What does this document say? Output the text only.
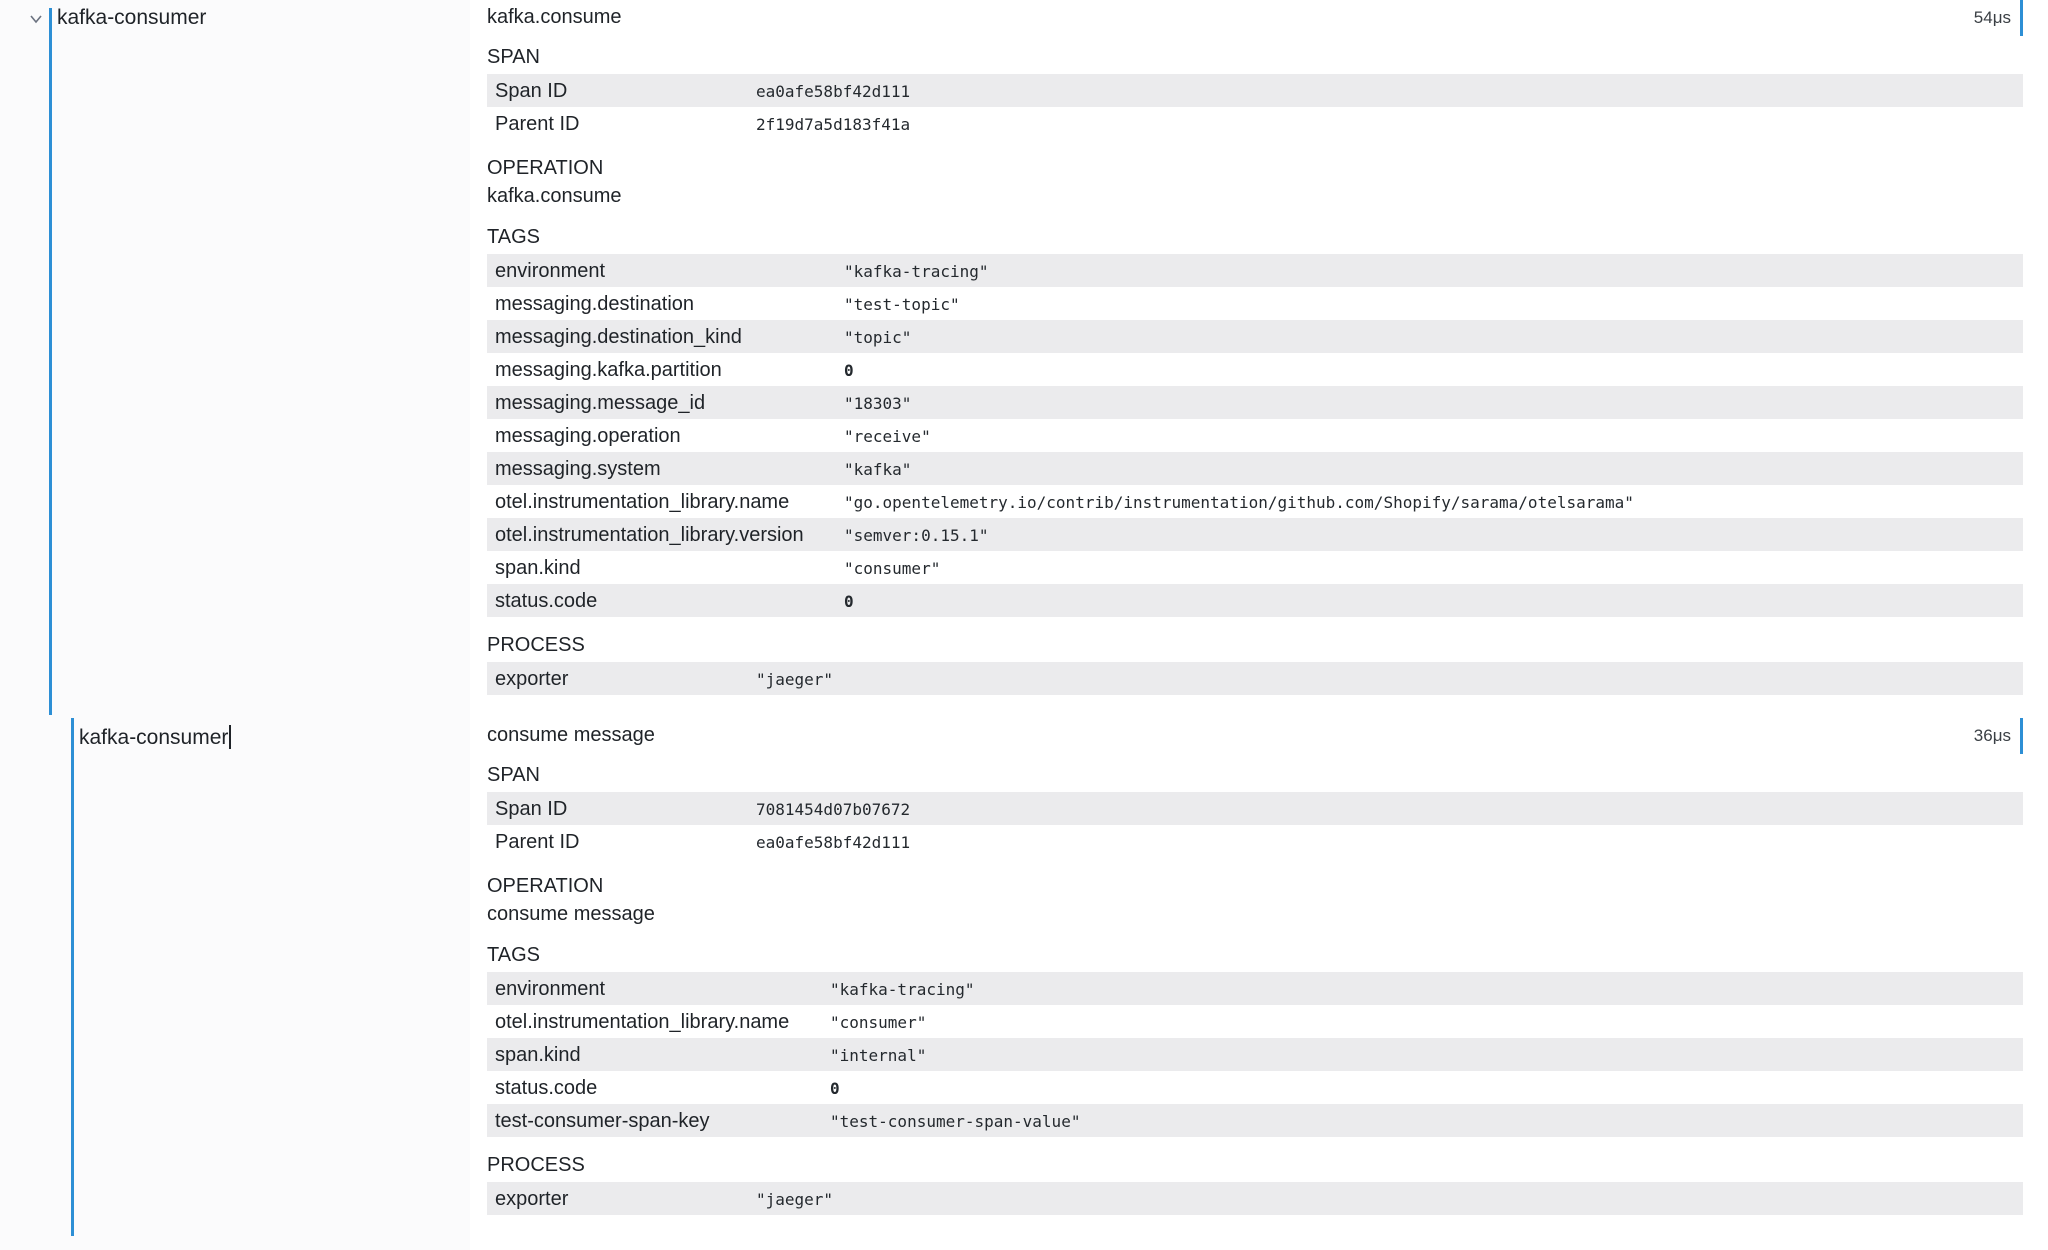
kafka-consumer
kafka-consumer
kafka.consume	54μs
SPAN
Span ID	ea0afe58bf42d111
Parent ID	2f19d7a5d183f41a
OPERATION
kafka.consume
TAGS
environment	"kafka-tracing"
messaging.destination	"test-topic"
messaging.destination_kind	"topic"
messaging.kafka.partition	0
messaging.message_id	"18303"
messaging.operation	"receive"
messaging.system	"kafka"
otel.instrumentation_library.name	"go.opentelemetry.io/contrib/instrumentation/github.com/Shopify/sarama/otelsarama"
otel.instrumentation_library.version	"semver:0.15.1"
span.kind	"consumer"
status.code	0
PROCESS
exporter	"jaeger"
consume message	36μs
SPAN
Span ID	7081454d07b07672
Parent ID	ea0afe58bf42d111
OPERATION
consume message
TAGS
environment	"kafka-tracing"
otel.instrumentation_library.name	"consumer"
span.kind	"internal"
status.code	0
test-consumer-span-key	"test-consumer-span-value"
PROCESS
exporter	"jaeger"
